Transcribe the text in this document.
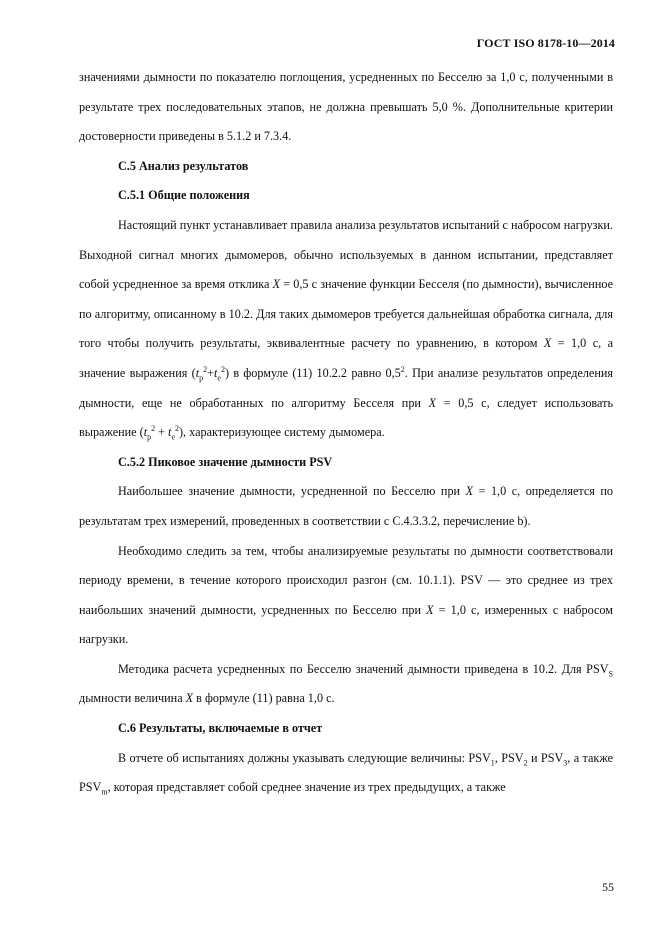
ГОСТ ISO 8178-10—2014

значениями дымности по показателю поглощения, усредненных по Бесселю за 1,0 с, полученными в результате трех последовательных этапов, не должна превышать 5,0 %. Дополнительные критерии достоверности приведены в 5.1.2 и 7.3.4.

С.5 Анализ результатов
С.5.1 Общие положения

Настоящий пункт устанавливает правила анализа результатов испытаний с набросом нагрузки. Выходной сигнал многих дымомеров, обычно используемых в данном испытании, представляет собой усредненное за время отклика X = 0,5 с значение функции Бесселя (по дымности), вычисленное по алгоритму, описанному в 10.2. Для таких дымомеров требуется дальнейшая обработка сигнала, для того чтобы получить результаты, эквивалентные расчету по уравнению, в котором X = 1,0 с, а значение выражения $(t_p^2+t_e^2)$ в формуле (11) 10.2.2 равно $0,5^2$. При анализе результатов определения дымности, еще не обработанных по алгоритму Бесселя при X = 0,5 с, следует использовать выражение $(t_p^2 + t_e^2)$, характеризующее систему дымомера.

С.5.2 Пиковое значение дымности PSV

Наибольшее значение дымности, усредненной по Бесселю при X = 1,0 с, определяется по результатам трех измерений, проведенных в соответствии с С.4.3.3.2, перечисление b).

Необходимо следить за тем, чтобы анализируемые результаты по дымности соответствовали периоду времени, в течение которого происходил разгон (см. 10.1.1). PSV — это среднее из трех наибольших значений дымности, усредненных по Бесселю при X = 1,0 с, измеренных с набросом нагрузки.

Методика расчета усредненных по Бесселю значений дымности приведена в 10.2. Для $PSV_S$ дымности величина X в формуле (11) равна 1,0 с.

С.6 Результаты, включаемые в отчет

В отчете об испытаниях должны указывать следующие величины: $PSV_1$, $PSV_2$ и $PSV_3$, а также $PSV_m$, которая представляет собой среднее значение из трех предыдущих, а также

55
